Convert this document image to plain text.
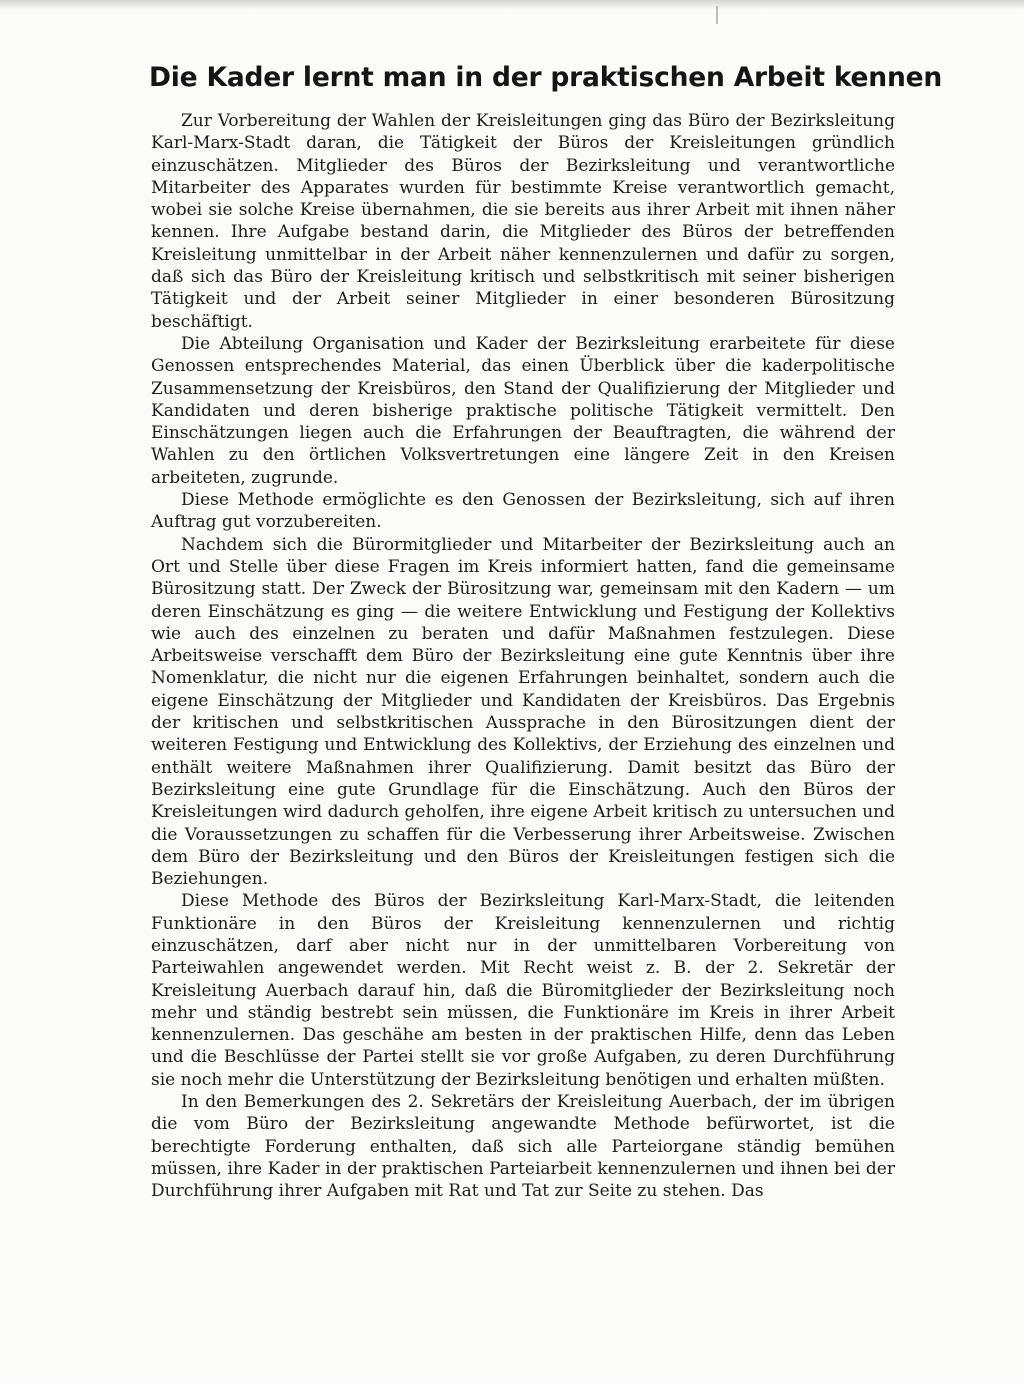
Die Kader lernt man in der praktischen Arbeit kennen

Zur Vorbereitung der Wahlen der Kreisleitungen ging das Büro der Bezirksleitung Karl-Marx-Stadt daran, die Tätigkeit der Büros der Kreisleitungen gründlich einzuschätzen. Mitglieder des Büros der Bezirksleitung und verantwortliche Mitarbeiter des Apparates wurden für bestimmte Kreise verantwortlich gemacht, wobei sie solche Kreise übernahmen, die sie bereits aus ihrer Arbeit mit ihnen näher kennen. Ihre Aufgabe bestand darin, die Mitglieder des Büros der betreffenden Kreisleitung unmittelbar in der Arbeit näher kennenzulernen und dafür zu sorgen, daß sich das Büro der Kreisleitung kritisch und selbstkritisch mit seiner bisherigen Tätigkeit und der Arbeit seiner Mitglieder in einer besonderen Bürositzung beschäftigt.

Die Abteilung Organisation und Kader der Bezirksleitung erarbeitete für diese Genossen entsprechendes Material, das einen Überblick über die kaderpolitische Zusammensetzung der Kreisbüros, den Stand der Qualifizierung der Mitglieder und Kandidaten und deren bisherige praktische politische Tätigkeit vermittelt. Den Einschätzungen liegen auch die Erfahrungen der Beauftragten, die während der Wahlen zu den örtlichen Volksvertretungen eine längere Zeit in den Kreisen arbeiteten, zugrunde.

Diese Methode ermöglichte es den Genossen der Bezirksleitung, sich auf ihren Auftrag gut vorzubereiten.

Nachdem sich die Bürormitglieder und Mitarbeiter der Bezirksleitung auch an Ort und Stelle über diese Fragen im Kreis informiert hatten, fand die gemeinsame Bürositzung statt. Der Zweck der Bürositzung war, gemeinsam mit den Kadern — um deren Einschätzung es ging — die weitere Entwicklung und Festigung der Kollektivs wie auch des einzelnen zu beraten und dafür Maßnahmen festzulegen. Diese Arbeitsweise verschafft dem Büro der Bezirksleitung eine gute Kenntnis über ihre Nomenklatur, die nicht nur die eigenen Erfahrungen beinhaltet, sondern auch die eigene Einschätzung der Mitglieder und Kandidaten der Kreisbüros. Das Ergebnis der kritischen und selbstkritischen Aussprache in den Bürositzungen dient der weiteren Festigung und Entwicklung des Kollektivs, der Erziehung des einzelnen und enthält weitere Maßnahmen ihrer Qualifizierung. Damit besitzt das Büro der Bezirksleitung eine gute Grundlage für die Einschätzung. Auch den Büros der Kreisleitungen wird dadurch geholfen, ihre eigene Arbeit kritisch zu untersuchen und die Voraussetzungen zu schaffen für die Verbesserung ihrer Arbeitsweise. Zwischen dem Büro der Bezirksleitung und den Büros der Kreisleitungen festigen sich die Beziehungen.

Diese Methode des Büros der Bezirksleitung Karl-Marx-Stadt, die leitenden Funktionäre in den Büros der Kreisleitung kennenzulernen und richtig einzuschätzen, darf aber nicht nur in der unmittelbaren Vorbereitung von Parteiwahlen angewendet werden. Mit Recht weist z. B. der 2. Sekretär der Kreisleitung Auerbach darauf hin, daß die Büromitglieder der Bezirksleitung noch mehr und ständig bestrebt sein müssen, die Funktionäre im Kreis in ihrer Arbeit kennenzulernen. Das geschähe am besten in der praktischen Hilfe, denn das Leben und die Beschlüsse der Partei stellt sie vor große Aufgaben, zu deren Durchführung sie noch mehr die Unterstützung der Bezirksleitung benötigen und erhalten müßten.

In den Bemerkungen des 2. Sekretärs der Kreisleitung Auerbach, der im übrigen die vom Büro der Bezirksleitung angewandte Methode befürwortet, ist die berechtigte Forderung enthalten, daß sich alle Parteiorgane ständig bemühen müssen, ihre Kader in der praktischen Parteiarbeit kennenzulernen und ihnen bei der Durchführung ihrer Aufgaben mit Rat und Tat zur Seite zu stehen. Das
